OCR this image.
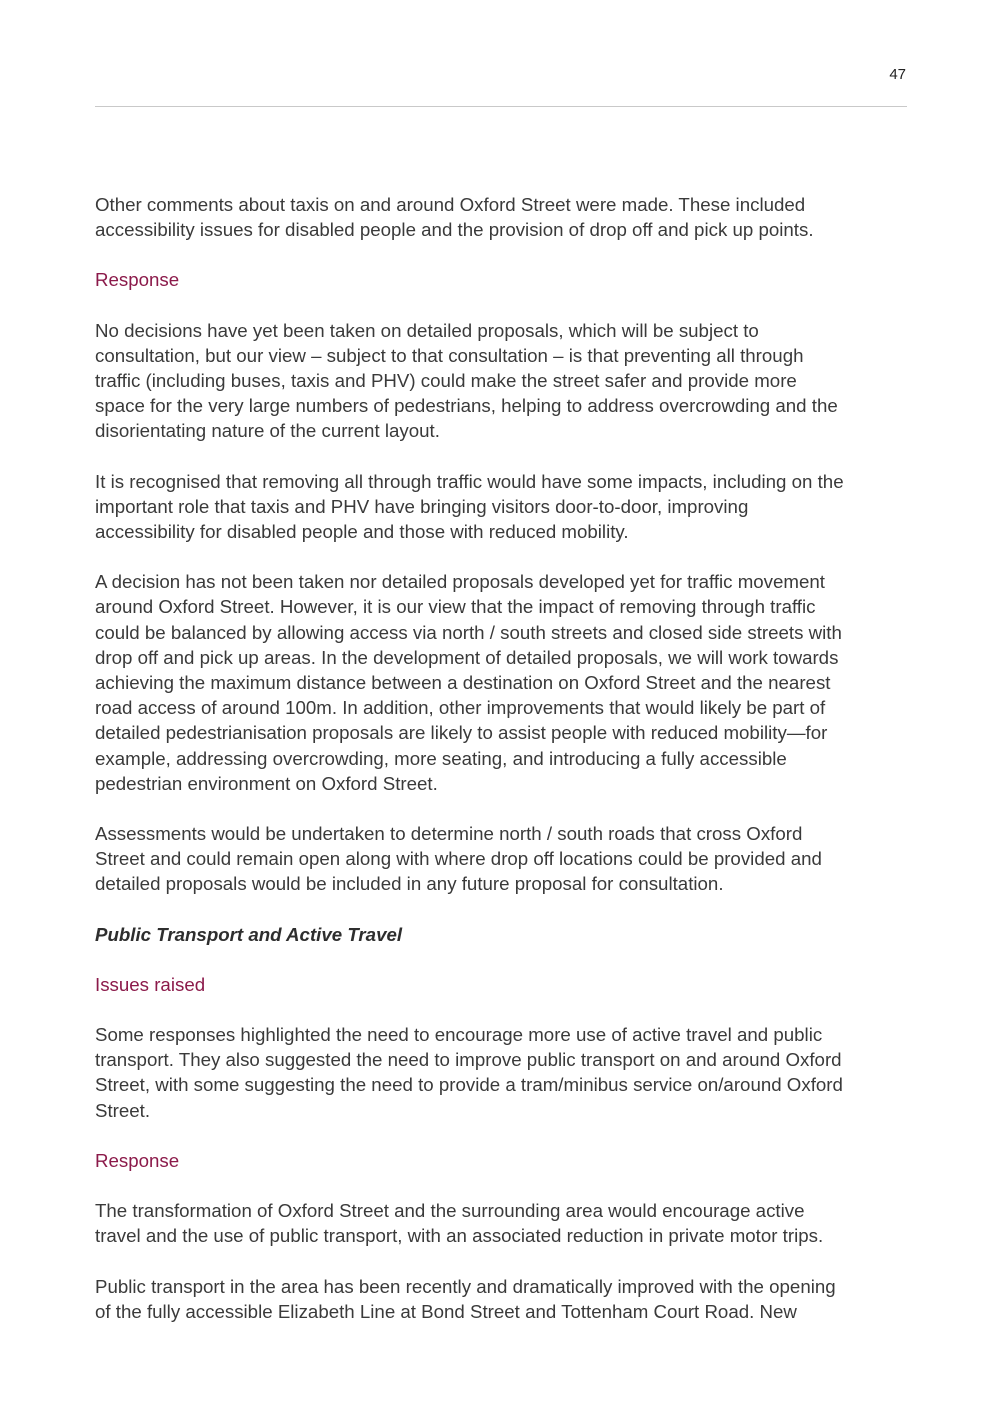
47

Other comments about taxis on and around Oxford Street were made. These included
accessibility issues for disabled people and the provision of drop off and pick up points.

Response

No decisions have yet been taken on detailed proposals, which will be subject to
consultation, but our view – subject to that consultation – is that preventing all through
traffic (including buses, taxis and PHV) could make the street safer and provide more
space for the very large numbers of pedestrians, helping to address overcrowding and the
disorientating nature of the current layout.

It is recognised that removing all through traffic would have some impacts, including on the
important role that taxis and PHV have bringing visitors door-to-door, improving
accessibility for disabled people and those with reduced mobility.

A decision has not been taken nor detailed proposals developed yet for traffic movement
around Oxford Street. However, it is our view that the impact of removing through traffic
could be balanced by allowing access via north / south streets and closed side streets with
drop off and pick up areas. In the development of detailed proposals, we will work towards
achieving the maximum distance between a destination on Oxford Street and the nearest
road access of around 100m. In addition, other improvements that would likely be part of
detailed pedestrianisation proposals are likely to assist people with reduced mobility—for
example, addressing overcrowding, more seating, and introducing a fully accessible
pedestrian environment on Oxford Street.

Assessments would be undertaken to determine north / south roads that cross Oxford
Street and could remain open along with where drop off locations could be provided and
detailed proposals would be included in any future proposal for consultation.

Public Transport and Active Travel

Issues raised

Some responses highlighted the need to encourage more use of active travel and public
transport. They also suggested the need to improve public transport on and around Oxford
Street, with some suggesting the need to provide a tram/minibus service on/around Oxford
Street.

Response

The transformation of Oxford Street and the surrounding area would encourage active
travel and the use of public transport, with an associated reduction in private motor trips.

Public transport in the area has been recently and dramatically improved with the opening
of the fully accessible Elizabeth Line at Bond Street and Tottenham Court Road. New
